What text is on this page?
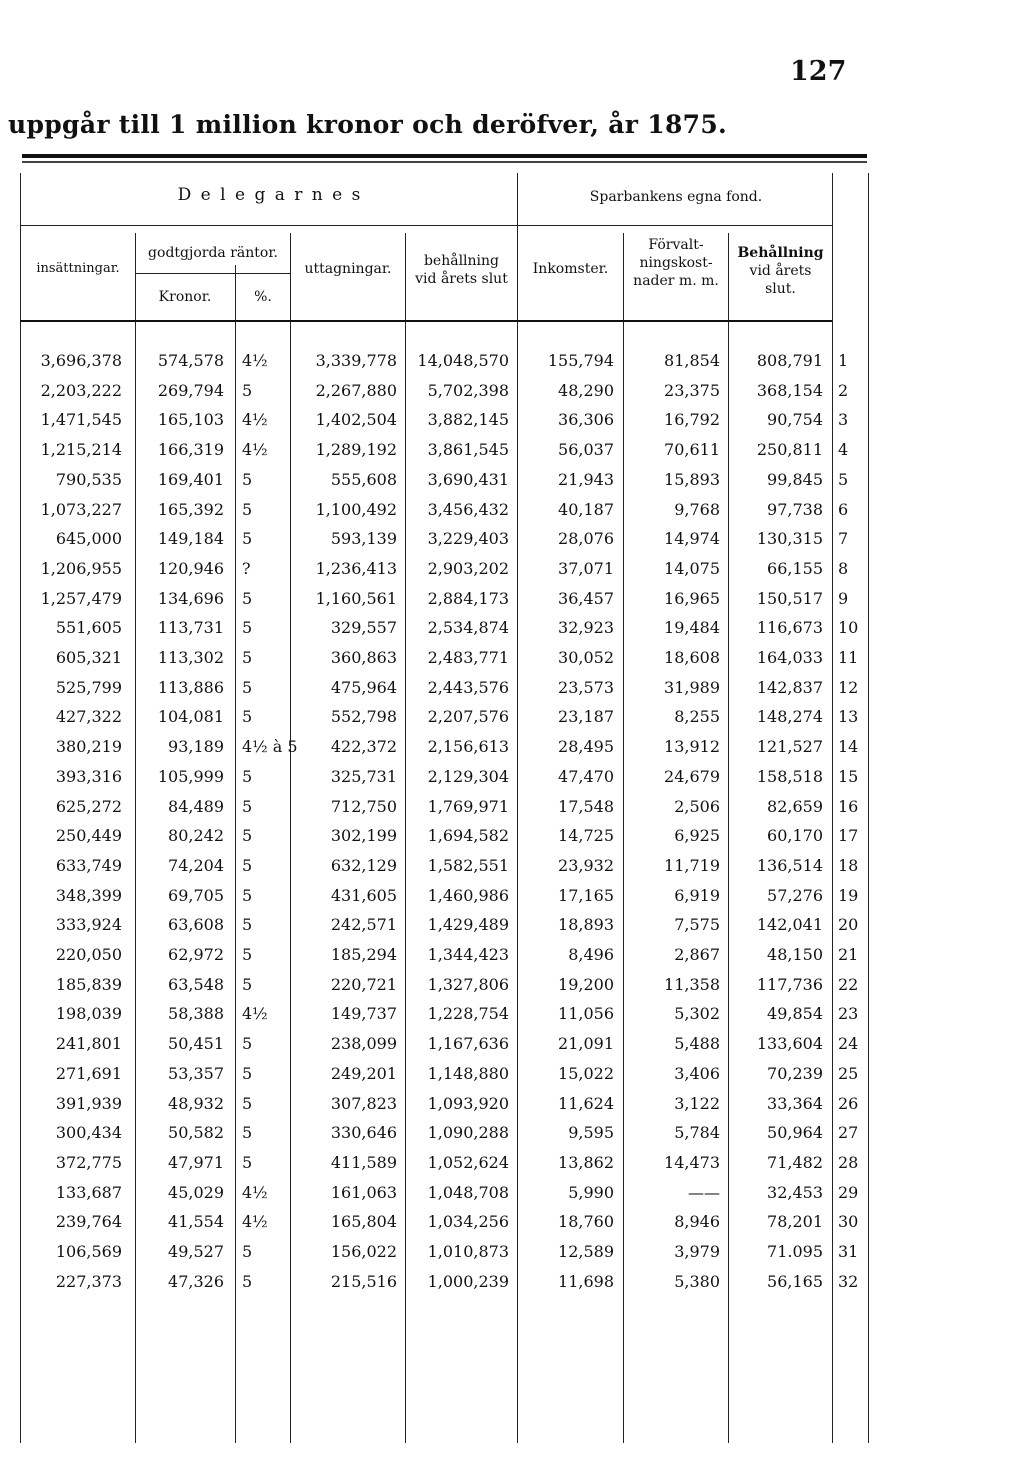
127
uppgår till 1 million kronor och deröfver, år 1875.
D e l e g a r n e s	Sparbankens egna fond.
insättningar.
godtgjorda räntor.
Kronor.	%.
uttagningar.	behållning
vid årets slut
Inkomster.
Förvalt-
ningskost-
nader m. m.
Behållning
vid årets
slut.
3,696,378	574,578 4½	3,339,778	14,048,570	155,794	81,854	808,791 1
2,203,222	269,794 5	2,267,880	5,702,398	48,290	23,375	368,154 2
1,471,545	165,103 4½	1,402,504	3,882,145	36,306	16,792	90,754 3
1,215,214	166,319 4½	1,289,192	3,861,545	56,037	70,611	250,811 4
790,535	169,401 5	555,608	3,690,431	21,943	15,893	99,845 5
1,073,227	165,392 5	1,100,492	3,456,432	40,187	9,768	97,738 6
645,000	149,184 5	593,139	3,229,403	28,076	14,974	130,315 7
1,206,955	120,946 ?	1,236,413	2,903,202	37,071	14,075	66,155 8
1,257,479	134,696 5	1,160,561	2,884,173	36,457	16,965	150,517 9
551,605	113,731 5	329,557	2,534,874	32,923	19,484	116,673 10
605,321	113,302 5	360,863	2,483,771	30,052	18,608	164,033 11
525,799	113,886 5	475,964	2,443,576	23,573	31,989	142,837 12
427,322	104,081 5	552,798	2,207,576	23,187	8,255	148,274 13
380,219	93,189 4½ à 5	422,372	2,156,613	28,495	13,912	121,527 14
393,316	105,999 5	325,731	2,129,304	47,470	24,679	158,518 15
625,272	84,489 5	712,750	1,769,971	17,548	2,506	82,659 16
250,449	80,242 5	302,199	1,694,582	14,725	6,925	60,170 17
633,749	74,204 5	632,129	1,582,551	23,932	11,719	136,514 18
348,399	69,705 5	431,605	1,460,986	17,165	6,919	57,276 19
333,924	63,608 5	242,571	1,429,489	18,893	7,575	142,041 20
220,050	62,972 5	185,294	1,344,423	8,496	2,867	48,150 21
185,839	63,548 5	220,721	1,327,806	19,200	11,358	117,736 22
198,039	58,388 4½	149,737	1,228,754	11,056	5,302	49,854 23
241,801	50,451 5	238,099	1,167,636	21,091	5,488	133,604 24
271,691	53,357 5	249,201	1,148,880	15,022	3,406	70,239 25
391,939	48,932 5	307,823	1,093,920	11,624	3,122	33,364 26
300,434	50,582 5	330,646	1,090,288	9,595	5,784	50,964 27
372,775	47,971 5	411,589	1,052,624	13,862	14,473	71,482 28
133,687	45,029 4½	161,063	1,048,708	5,990	——	32,453 29
239,764	41,554 4½	165,804	1,034,256	18,760	8,946	78,201 30
106,569	49,527 5	156,022	1,010,873	12,589	3,979	71.095 31
227,373	47,326 5	215,516	1,000,239	11,698	5,380	56,165 32
